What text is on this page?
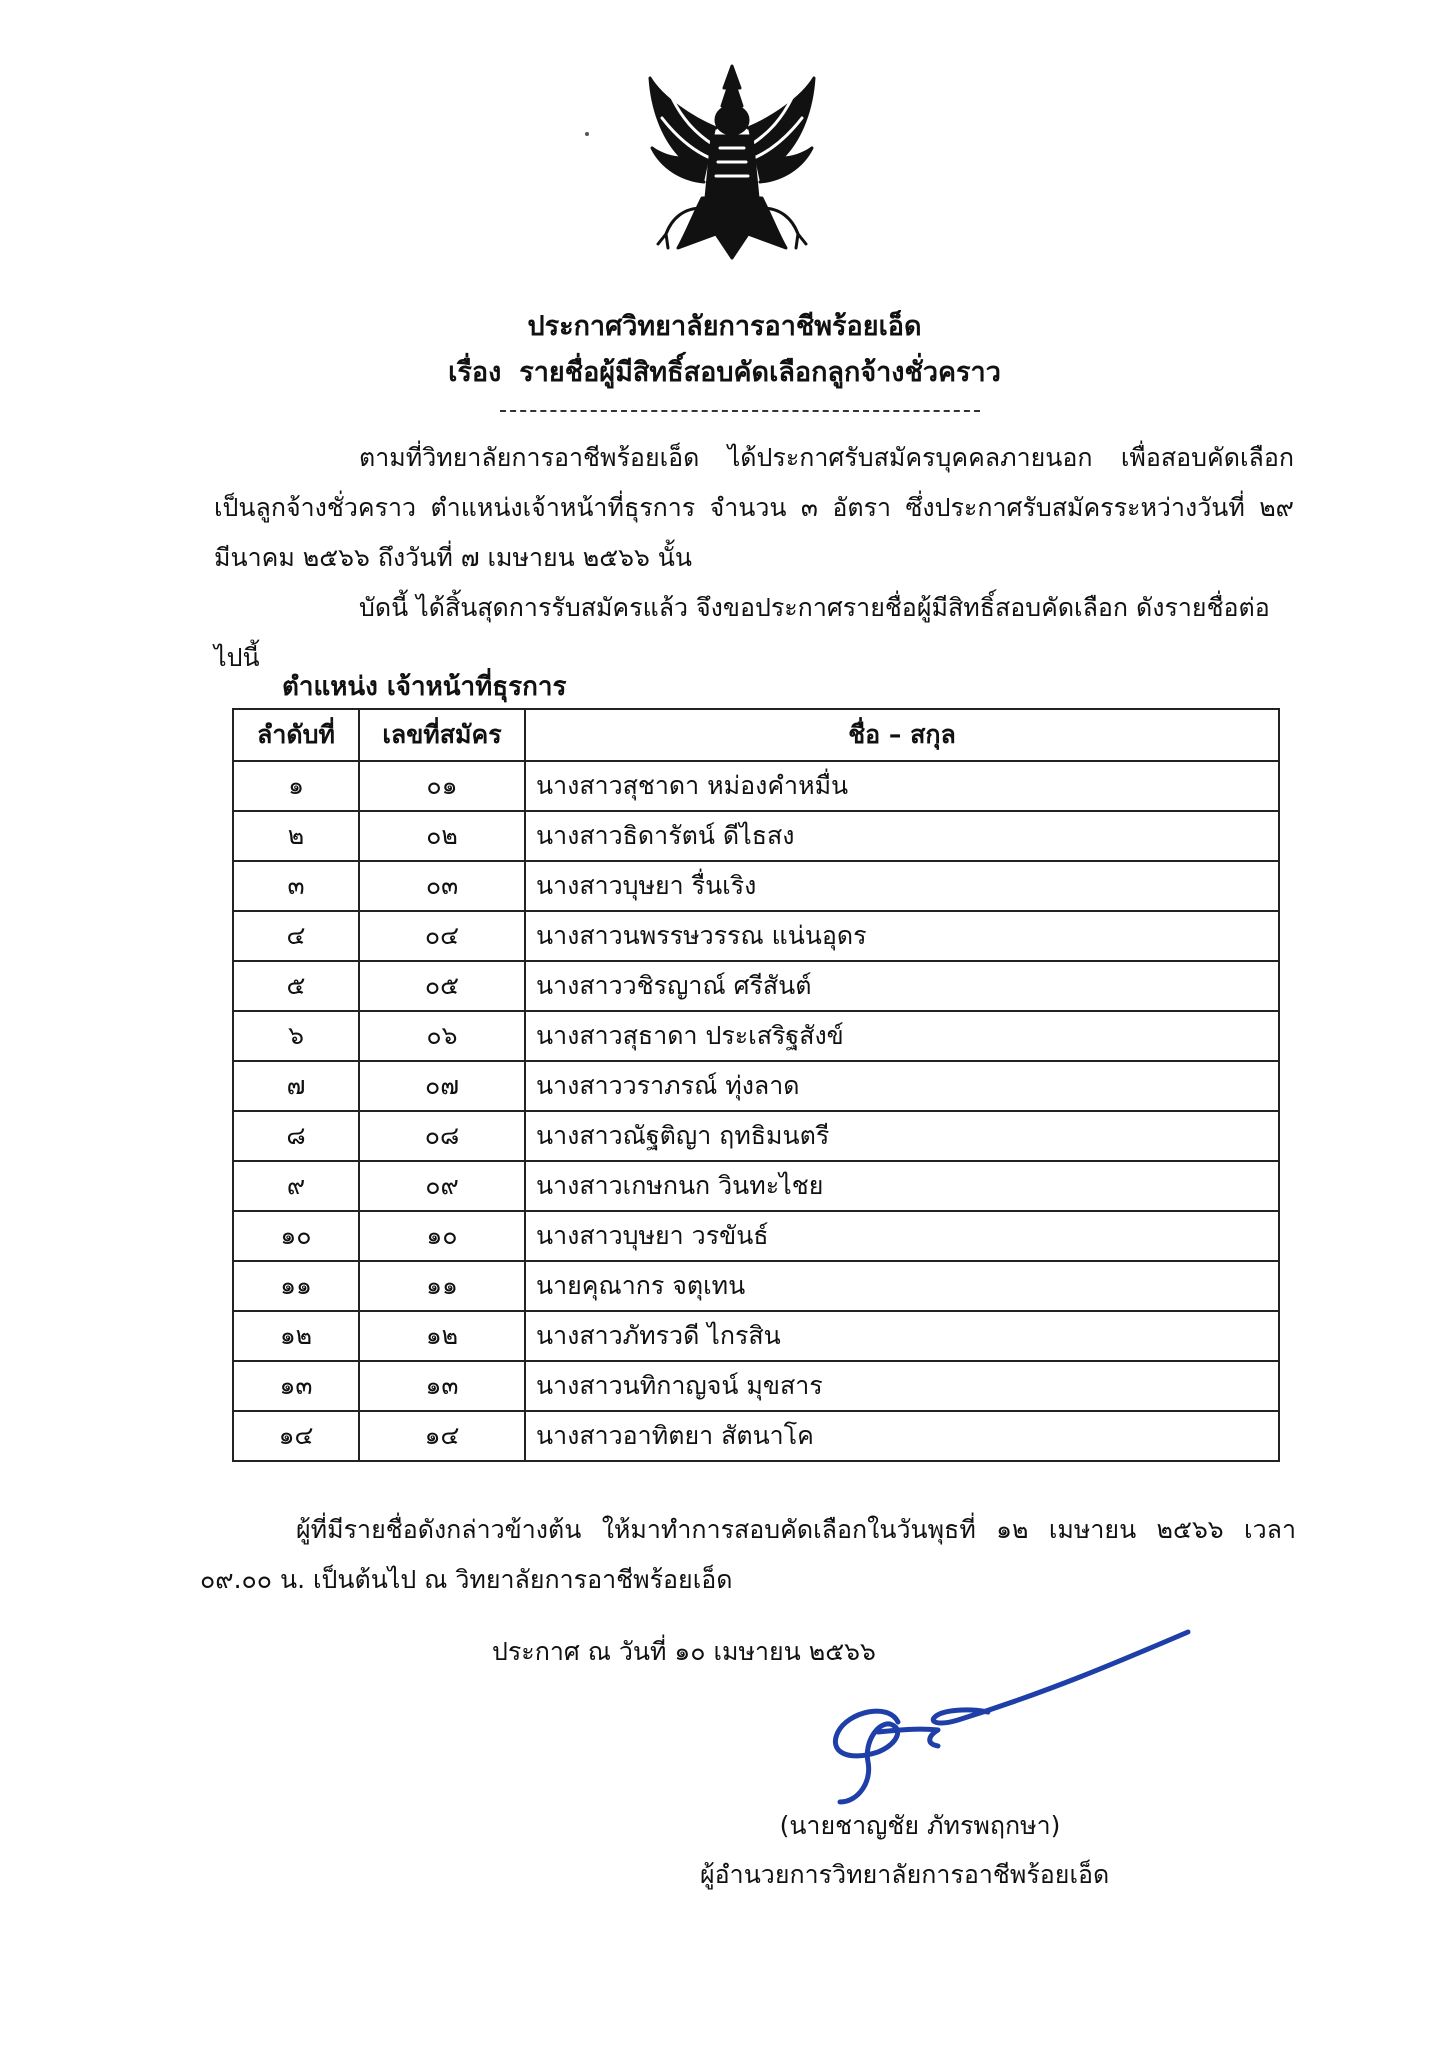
ประกาศวิทยาลัยการอาชีพร้อยเอ็ด
เรื่อง รายชื่อผู้มีสิทธิ์สอบคัดเลือกลูกจ้างชั่วคราว
ตามที่วิทยาลัยการอาชีพร้อยเอ็ด ได้ประกาศรับสมัครบุคคลภายนอก เพื่อสอบคัดเลือกเป็นลูกจ้างชั่วคราว ตำแหน่งเจ้าหน้าที่ธุรการ จำนวน ๓ อัตรา ซึ่งประกาศรับสมัครระหว่างวันที่ ๒๙ มีนาคม ๒๕๖๖ ถึงวันที่ ๗ เมษายน ๒๕๖๖ นั้น
บัดนี้ ได้สิ้นสุดการรับสมัครแล้ว จึงขอประกาศรายชื่อผู้มีสิทธิ์สอบคัดเลือก ดังรายชื่อต่อไปนี้
ตำแหน่ง เจ้าหน้าที่ธุรการ
ลำดับที่	เลขที่สมัคร	ชื่อ – สกุล
๑	๐๑	นางสาวสุชาดา หม่องคำหมื่น
๒	๐๒	นางสาวธิดารัตน์ ดีไธสง
๓	๐๓	นางสาวบุษยา รื่นเริง
๔	๐๔	นางสาวนพรรษวรรณ แน่นอุดร
๕	๐๕	นางสาววชิรญาณ์ ศรีสันต์
๖	๐๖	นางสาวสุธาดา ประเสริฐสังข์
๗	๐๗	นางสาววราภรณ์ ทุ่งลาด
๘	๐๘	นางสาวณัฐติญา ฤทธิมนตรี
๙	๐๙	นางสาวเกษกนก วินทะไชย
๑๐	๑๐	นางสาวบุษยา วรขันธ์
๑๑	๑๑	นายคุณากร จตุเทน
๑๒	๑๒	นางสาวภัทรวดี ไกรสิน
๑๓	๑๓	นางสาวนทิกาญจน์ มุขสาร
๑๔	๑๔	นางสาวอาทิตยา สัตนาโค
ผู้ที่มีรายชื่อดังกล่าวข้างต้น ให้มาทำการสอบคัดเลือกในวันพุธที่ ๑๒ เมษายน ๒๕๖๖ เวลา ๐๙.๐๐ น. เป็นต้นไป ณ วิทยาลัยการอาชีพร้อยเอ็ด
ประกาศ ณ วันที่ ๑๐ เมษายน ๒๕๖๖
(นายชาญชัย ภัทรพฤกษา)
ผู้อำนวยการวิทยาลัยการอาชีพร้อยเอ็ด
